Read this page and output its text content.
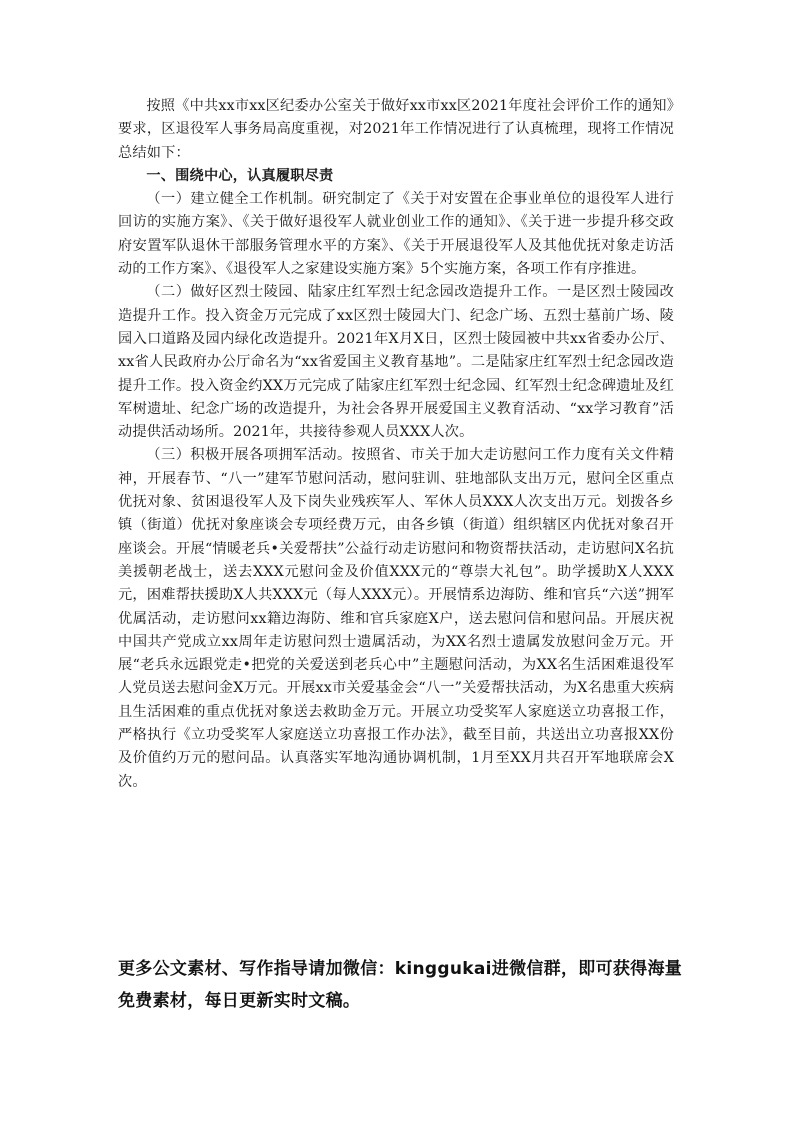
按照《中共xx市xx区纪委办公室关于做好xx市xx区2021年度社会评价工作的通知》要求，区退役军人事务局高度重视，对2021年工作情况进行了认真梳理，现将工作情况总结如下：

一、围绕中心，认真履职尽责

（一）建立健全工作机制。研究制定了《关于对安置在企事业单位的退役军人进行回访的实施方案》、《关于做好退役军人就业创业工作的通知》、《关于进一步提升移交政府安置军队退休干部服务管理水平的方案》、《关于开展退役军人及其他优抚对象走访活动的工作方案》、《退役军人之家建设实施方案》5个实施方案，各项工作有序推进。

（二）做好区烈士陵园、陆家庄红军烈士纪念园改造提升工作。一是区烈士陵园改造提升工作。投入资金万元完成了xx区烈士陵园大门、纪念广场、五烈士墓前广场、陵园入口道路及园内绿化改造提升。2021年X月X日，区烈士陵园被中共xx省委办公厅、xx省人民政府办公厅命名为“xx省爱国主义教育基地”。二是陆家庄红军烈士纪念园改造提升工作。投入资金约XX万元完成了陆家庄红军烈士纪念园、红军烈士纪念碑遗址及红军树遗址、纪念广场的改造提升，为社会各界开展爱国主义教育活动、“xx学习教育”活动提供活动场所。2021年，共接待参观人员XXX人次。

（三）积极开展各项拥军活动。按照省、市关于加大走访慰问工作力度有关文件精神，开展春节、“八一”建军节慰问活动，慰问驻训、驻地部队支出万元，慰问全区重点优抚对象、贫困退役军人及下岗失业残疾军人、军休人员XXX人次支出万元。划拨各乡镇（街道）优抚对象座谈会专项经费万元，由各乡镇（街道）组织辖区内优抚对象召开座谈会。开展“情暖老兵•关爱帮扶”公益行动走访慰问和物资帮扶活动，走访慰问X名抗美援朝老战士，送去XXX元慰问金及价值XXX元的“尊崇大礼包”。助学援助X人XXX元，困难帮扶援助X人共XXX元（每人XXX元）。开展情系边海防、维和官兵“六送”拥军优属活动，走访慰问xx籍边海防、维和官兵家庭X户，送去慰问信和慰问品。开展庆祝中国共产党成立xx周年走访慰问烈士遗属活动，为XX名烈士遗属发放慰问金万元。开展“老兵永远跟党走•把党的关爱送到老兵心中”主题慰问活动，为XX名生活困难退役军人党员送去慰问金X万元。开展xx市关爱基金会“八一”关爱帮扶活动，为X名患重大疾病且生活困难的重点优抚对象送去救助金万元。开展立功受奖军人家庭送立功喜报工作，严格执行《立功受奖军人家庭送立功喜报工作办法》，截至目前，共送出立功喜报XX份及价值约万元的慰问品。认真落实军地沟通协调机制，1月至XX月共召开军地联席会X次。

更多公文素材、写作指导请加微信：kinggukai进微信群，即可获得海量免费素材，每日更新实时文稿。
